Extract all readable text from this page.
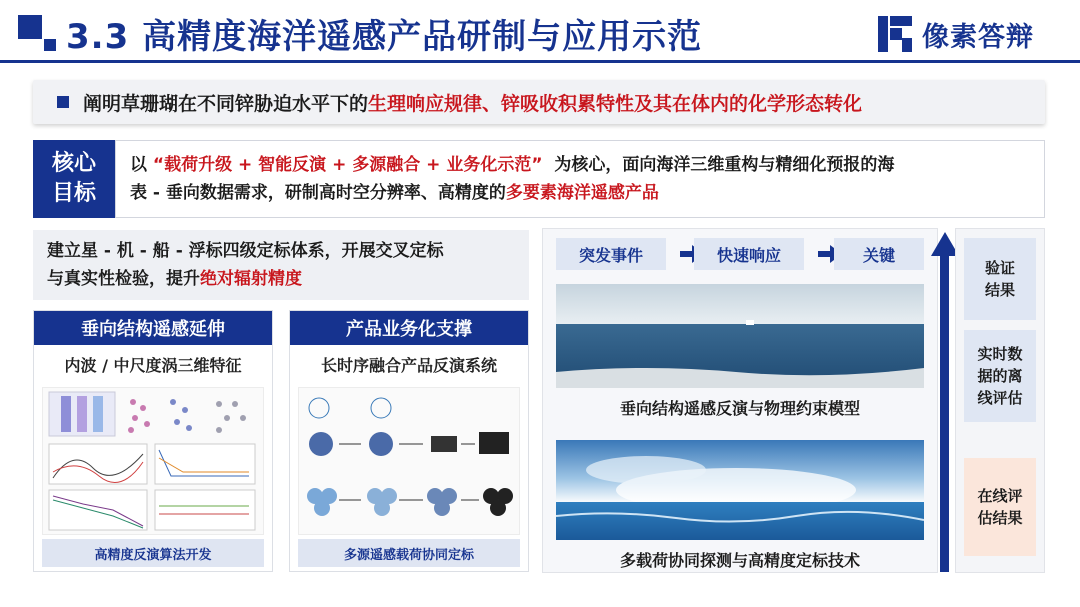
3.3 高精度海洋遥感产品研制与应用示范	像素答辩
阐明草珊瑚在不同锌胁迫水平下的生理响应规律、锌吸收积累特性及其在体内的化学形态转化
核心
目标
以 “载荷升级 + 智能反演 + 多源融合 + 业务化示范” 为核心，面向海洋三维重构与精细化预报的海
表 - 垂向数据需求，研制高时空分辨率、高精度的多要素海洋遥感产品
建立星 - 机 - 船 - 浮标四级定标体系，开展交叉定标
与真实性检验，提升绝对辐射精度
垂向结构遥感延伸
内波 / 中尺度涡三维特征
高精度反演算法开发
产品业务化支撑
长时序融合产品反演系统
多源遥感载荷协同定标
突发事件	快速响应	关键
垂向结构遥感反演与物理约束模型
多载荷协同探测与高精度定标技术
验证
结果
实时数
据的离
线评估
在线评
估结果
